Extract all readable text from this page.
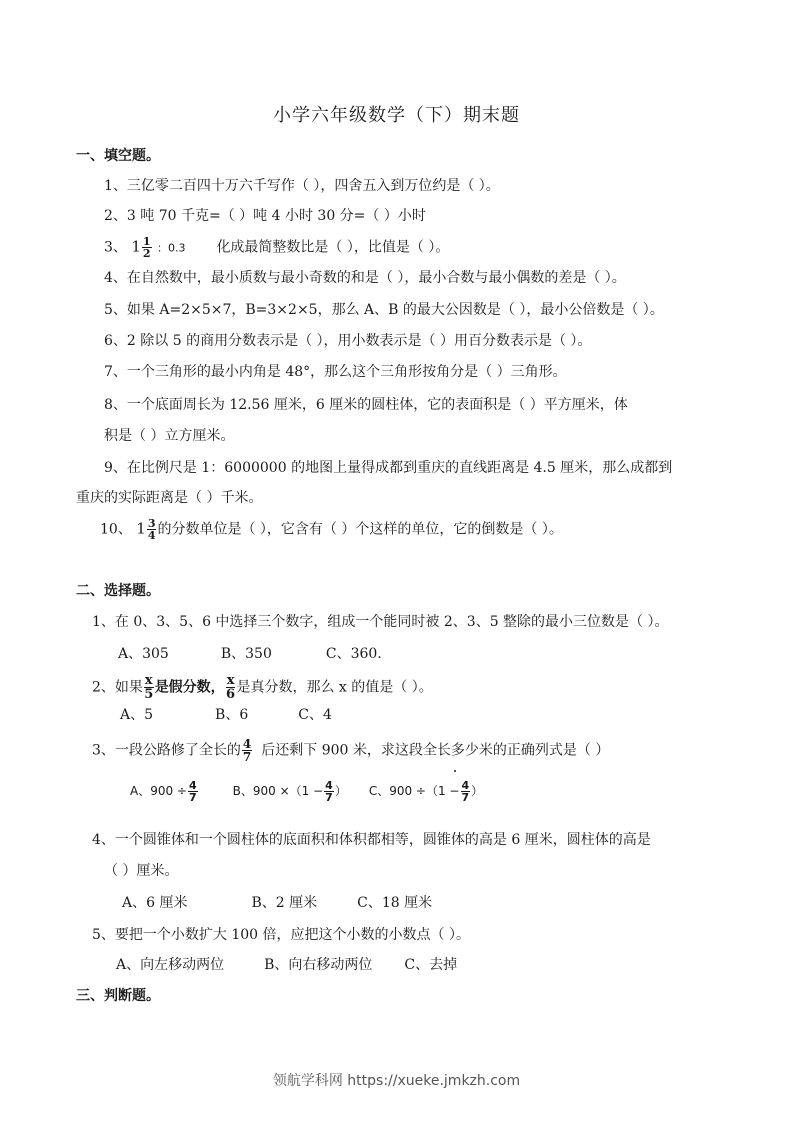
小学六年级数学（下）期末题
一、填空题。
1、三亿零二百四十万六千写作（ ），四舍五入到万位约是（ ）。
2、3 吨 70 千克=（ ）吨 4 小时 30 分=（ ）小时
3、 $1 \frac{1}{2}$ ：0.3 化成最简整数比是（ ），比值是（ ）。
4、在自然数中，最小质数与最小奇数的和是（ ），最小合数与最小偶数的差是（ ）。
5、如果 A=2×5×7，B=3×2×5，那么 A、B 的最大公因数是（ ），最小公倍数是（ ）。
6、2 除以 5 的商用分数表示是（ ），用小数表示是（ ）用百分数表示是（ ）。
7、一个三角形的最小内角是 48°，那么这个三角形按角分是（ ）三角形。
8、一个底面周长为 12.56 厘米，6 厘米的圆柱体，它的表面积是（ ）平方厘米，体
积是（ ）立方厘米。
9、在比例尺是 1：6000000 的地图上量得成都到重庆的直线距离是 4.5 厘米，那么成都到
重庆的实际距离是（ ）千米。
10、 $1 \frac{3}{4}$ 的分数单位是（ ），它含有（ ）个这样的单位，它的倒数是（ ）。
二、选择题。
1、在 0、3、5、6 中选择三个数字，组成一个能同时被 2、3、5 整除的最小三位数是（ ）。
A、305	B、350	C、360.
2、如果 $\frac{x}{5}$ 是假分数， $\frac{x}{6}$ 是真分数，那么 x 的值是（ ）。
A、5	B、6	C、4
3、一段公路修了全长的 $\frac{4}{7}$ 后还剩下 900 米，求这段全长多少米的正确列式是（ ）
A、$900 \div \frac{4}{7}$	B、$900 \times(1 - \frac{4}{7}$ ） C、$900 \div(1 - \frac{4}{7}$ ）
4、一个圆锥体和一个圆柱体的底面积和体积都相等，圆锥体的高是 6 厘米，圆柱体的高是
（ ）厘米。
A、6 厘米	B、2 厘米	C、18 厘米
5、要把一个小数扩大 100 倍，应把这个小数的小数点（ ）。
A、向左移动两位	B、向右移动两位 C、去掉
三、判断题。
领航学科网 https://xueke.jmkzh.com
